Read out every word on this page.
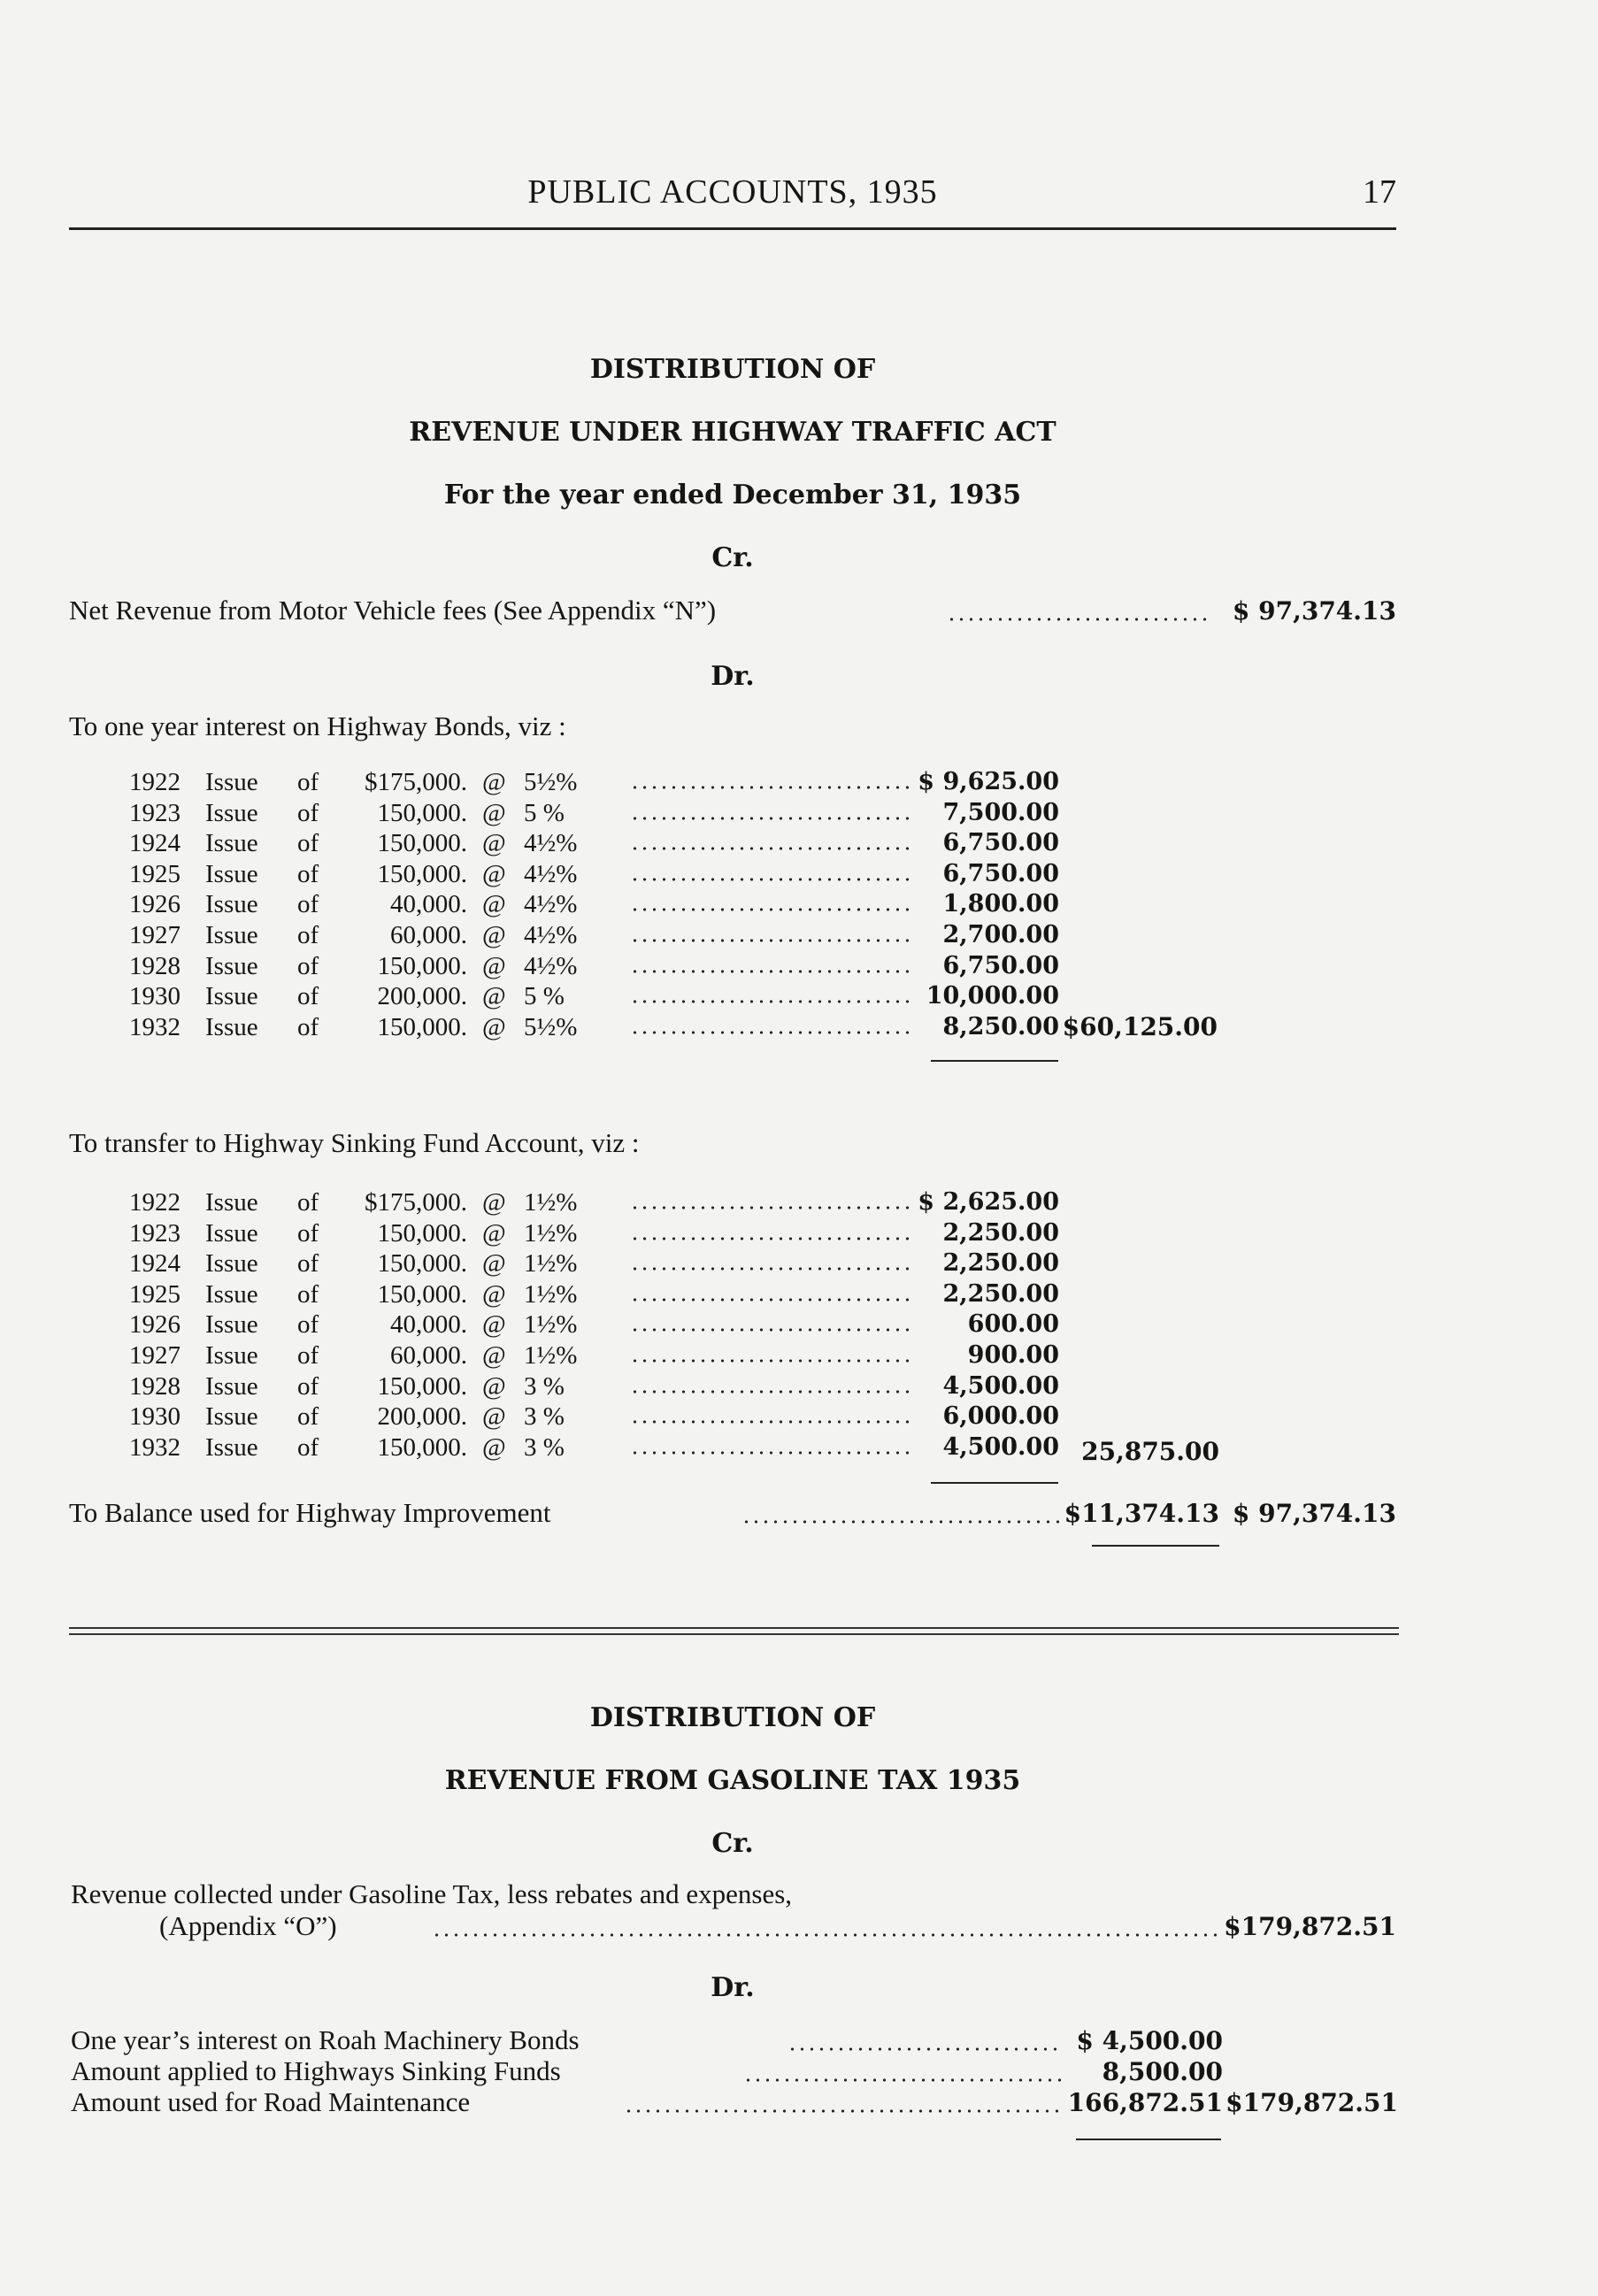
PUBLIC ACCOUNTS, 1935	17
DISTRIBUTION OF
REVENUE UNDER HIGHWAY TRAFFIC ACT
For the year ended December 31, 1935
Cr.
Net Revenue from Motor Vehicle fees (See Appendix “N”)	$ 97,374.13
Dr.
To one year interest on Highway Bonds, viz :
1922 Issue of	$175,000. @ 5½%	$ 9,625.00
1923 Issue of	150,000. @ 5 %	7,500.00
1924 Issue of	150,000. @ 4½%	6,750.00
1925 Issue of	150,000. @ 4½%	6,750.00
1926 Issue of	40,000. @ 4½%	1,800.00
1927 Issue of	60,000. @ 4½%	2,700.00
1928 Issue of	150,000. @ 4½%	6,750.00
1930 Issue of	200,000. @ 5 %	10,000.00
1932 Issue of	150,000. @ 5½%	8,250.00 $60,125.00
To transfer to Highway Sinking Fund Account, viz :
1922 Issue of	$175,000. @ 1½%	$ 2,625.00
1923 Issue of	150,000. @ 1½%	2,250.00
1924 Issue of	150,000. @ 1½%	2,250.00
1925 Issue of	150,000. @ 1½%	2,250.00
1926 Issue of	40,000. @ 1½%	600.00
1927 Issue of	60,000. @ 1½%	900.00
1928 Issue of	150,000. @ 3 %	4,500.00
1930 Issue of	200,000. @ 3 %	6,000.00
1932 Issue of	150,000. @ 3 %	4,500.00 25,875.00
To Balance used for Highway Improvement	$11,374.13 $ 97,374.13
DISTRIBUTION OF
REVENUE FROM GASOLINE TAX 1935
Cr.
Revenue collected under Gasoline Tax, less rebates and expenses,
(Appendix “O”)	$179,872.51
Dr.
One year’s interest on Roah Machinery Bonds	$ 4,500.00
Amount applied to Highways Sinking Funds	8,500.00
Amount used for Road Maintenance	166,872.51 $179,872.51
